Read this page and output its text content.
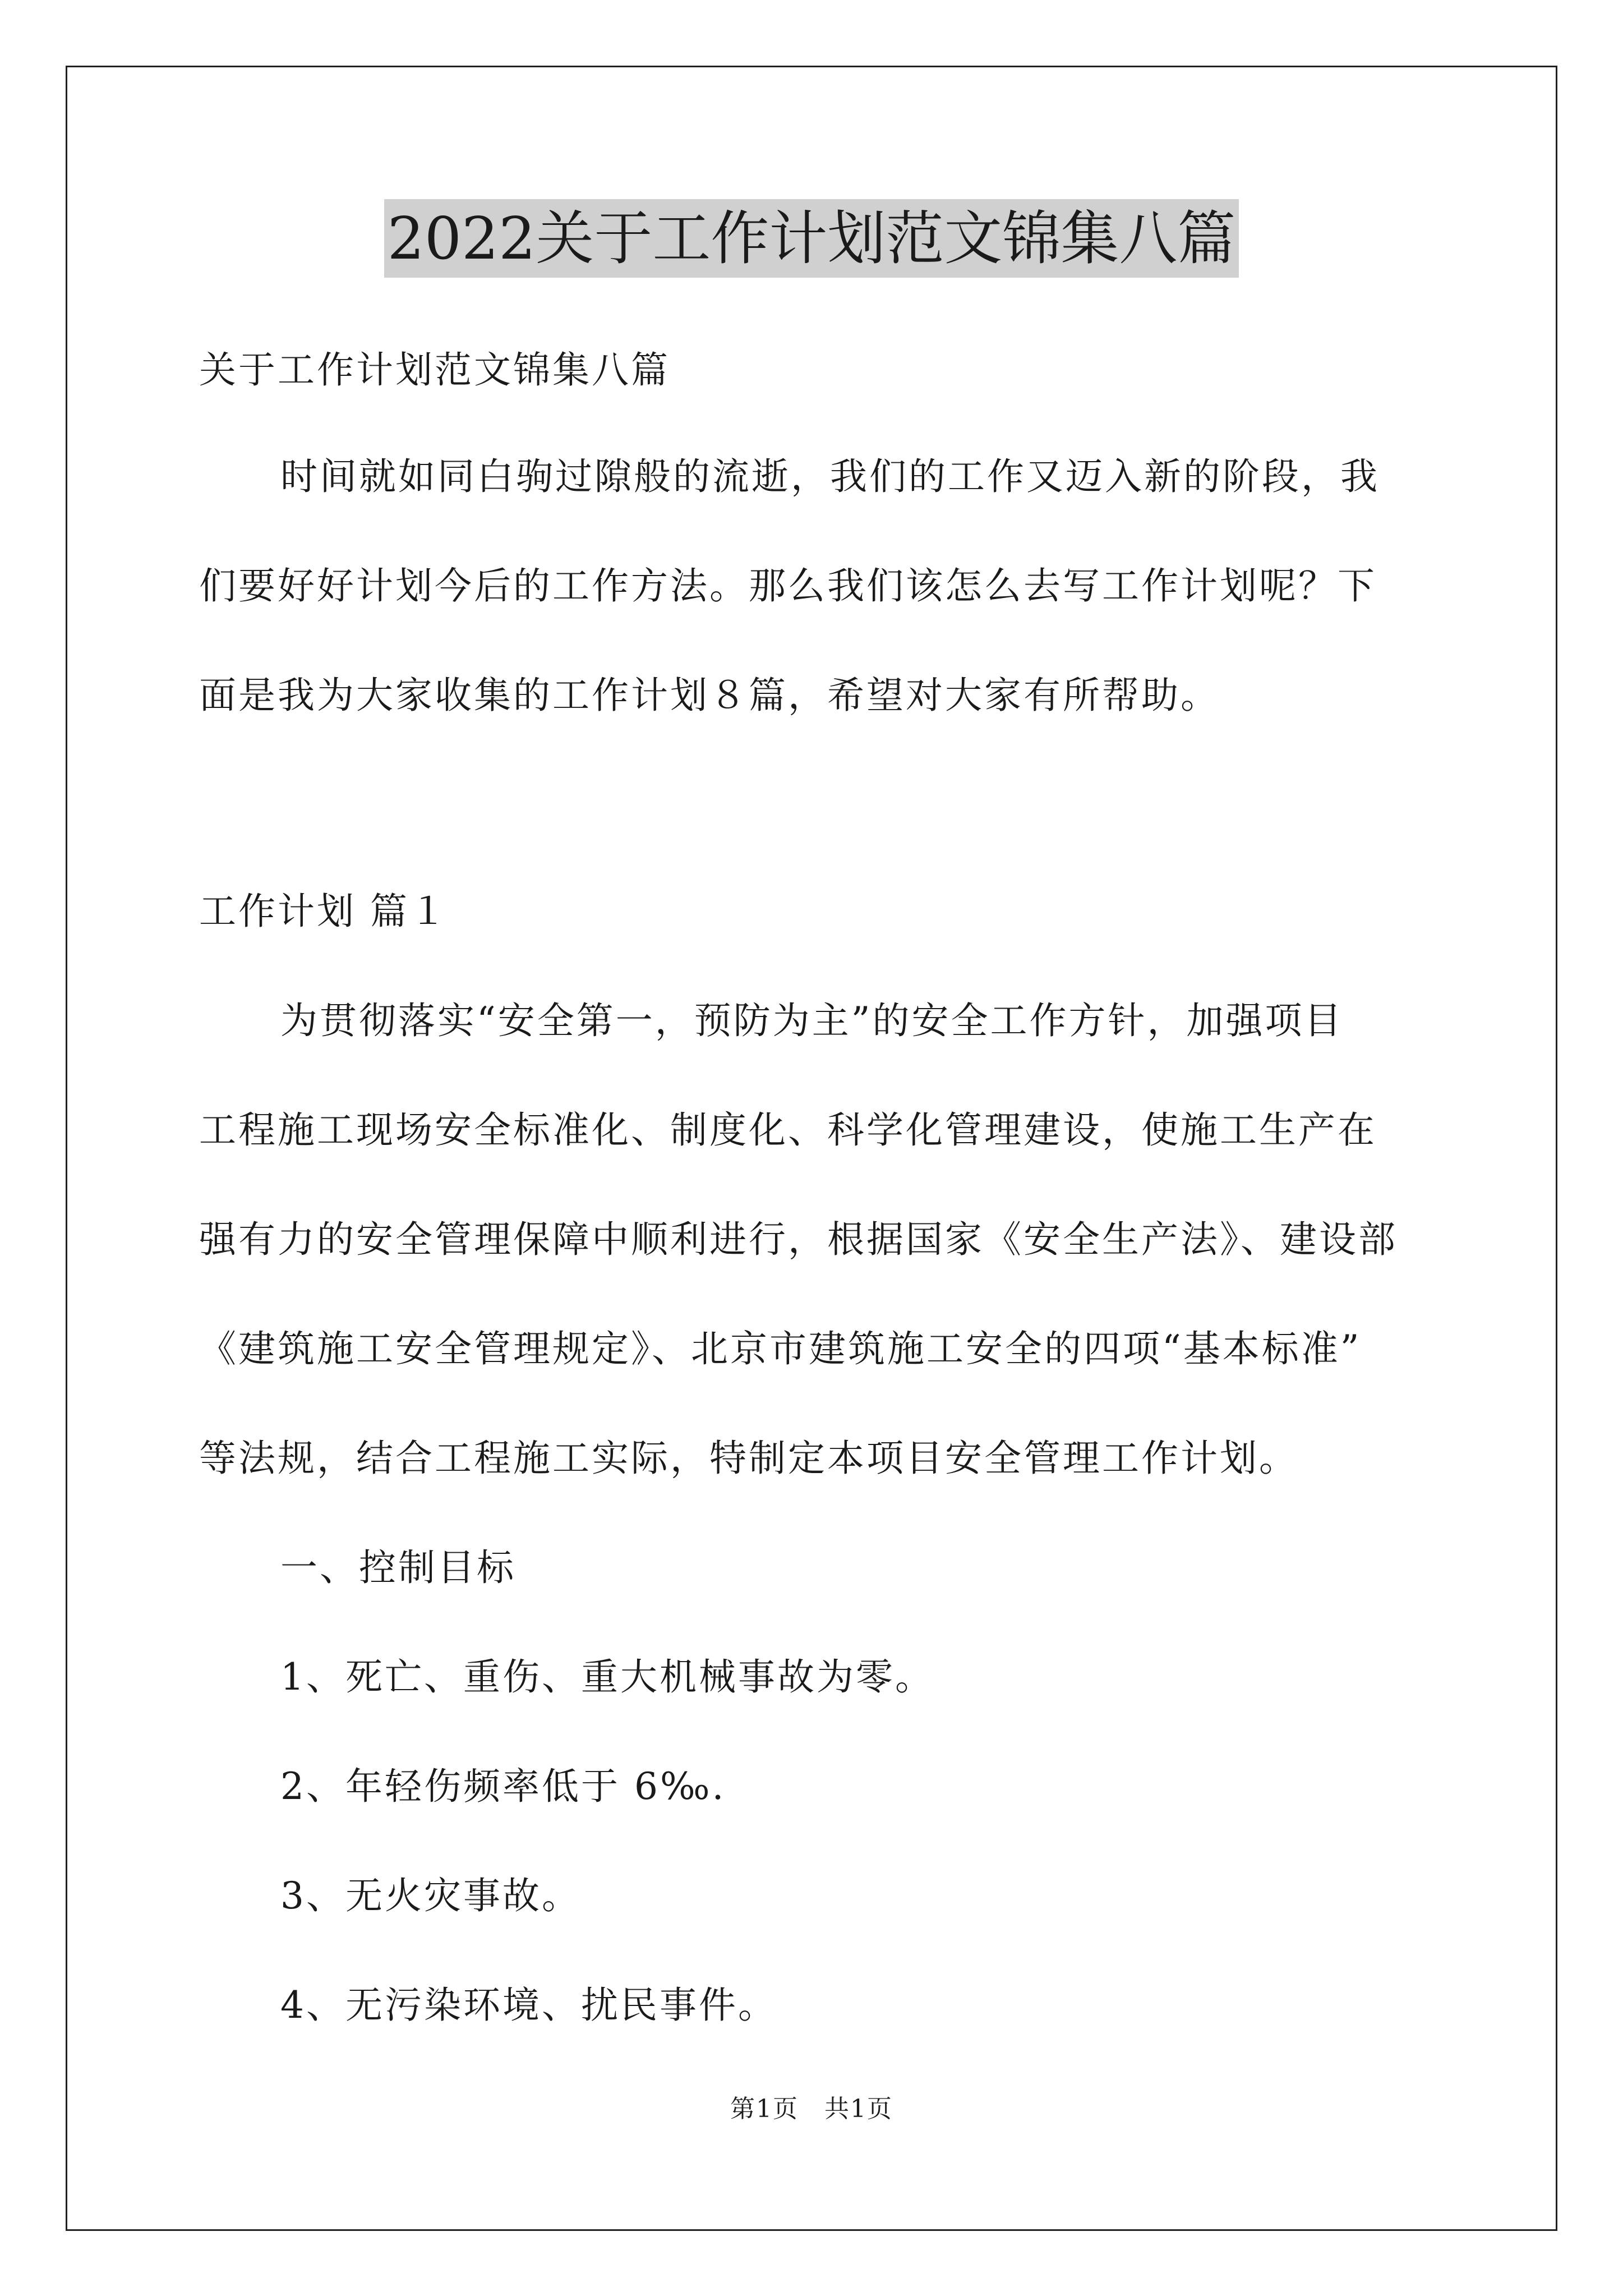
2022关于工作计划范文锦集八篇
关于工作计划范文锦集八篇
时间就如同白驹过隙般的流逝，我们的工作又迈入新的阶段，我
们要好好计划今后的工作方法。那么我们该怎么去写工作计划呢？下
面是我为大家收集的工作计划８篇，希望对大家有所帮助。
工作计划 篇１
为贯彻落实“安全第一，预防为主”的安全工作方针，加强项目
工程施工现场安全标准化、制度化、科学化管理建设，使施工生产在
强有力的安全管理保障中顺利进行，根据国家《安全生产法》、建设部
《建筑施工安全管理规定》、北京市建筑施工安全的四项“基本标准”
等法规，结合工程施工实际，特制定本项目安全管理工作计划。
一、控制目标
1、死亡、重伤、重大机械事故为零。
2、年轻伤频率低于 6‰.
3、无火灾事故。
4、无污染环境、扰民事件。
第1页　共1页
